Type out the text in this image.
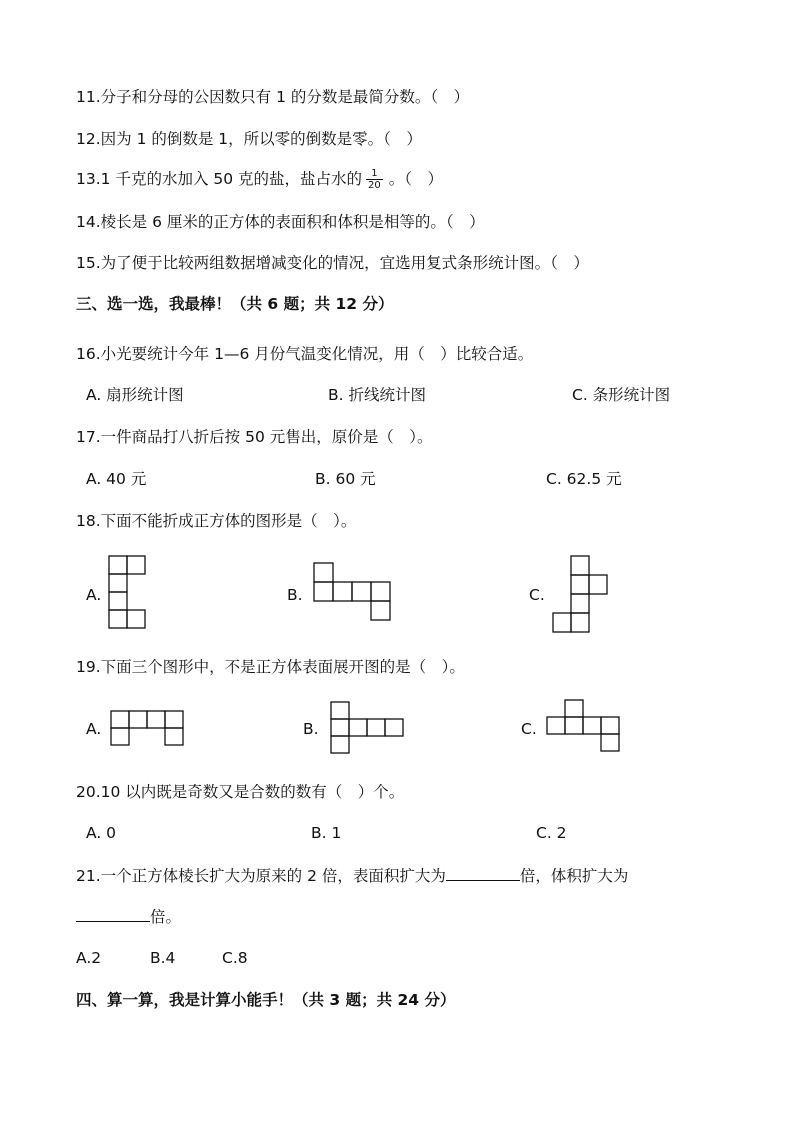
11.分子和分母的公因数只有 1 的分数是最简分数。（　）
12.因为 1 的倒数是 1，所以零的倒数是零。（　）
13.1 千克的水加入 50 克的盐，盐占水的 $\frac{1}{20}$ 。（　）
14.棱长是 6 厘米的正方体的表面积和体积是相等的。（　）
15.为了便于比较两组数据增减变化的情况，宜选用复式条形统计图。（　）
三、选一选，我最棒！（共 6 题；共 12 分）
16.小光要统计今年 1—6 月份气温变化情况，用（　）比较合适。
A. 扇形统计图	B. 折线统计图	C. 条形统计图
17.一件商品打八折后按 50 元售出，原价是（　）。
A. 40 元	B. 60 元	C. 62.5 元
18.下面不能折成正方体的图形是（　）。
A.	B.	C.
19.下面三个图形中，不是正方体表面展开图的是（　）。
A.	B.	C.
20.10 以内既是奇数又是合数的数有（　）个。
A. 0	B. 1	C. 2
21.一个正方体棱长扩大为原来的 2 倍，表面积扩大为	倍，体积扩大为
倍。
A.2	B.4	C.8
四、算一算，我是计算小能手！（共 3 题；共 24 分）
